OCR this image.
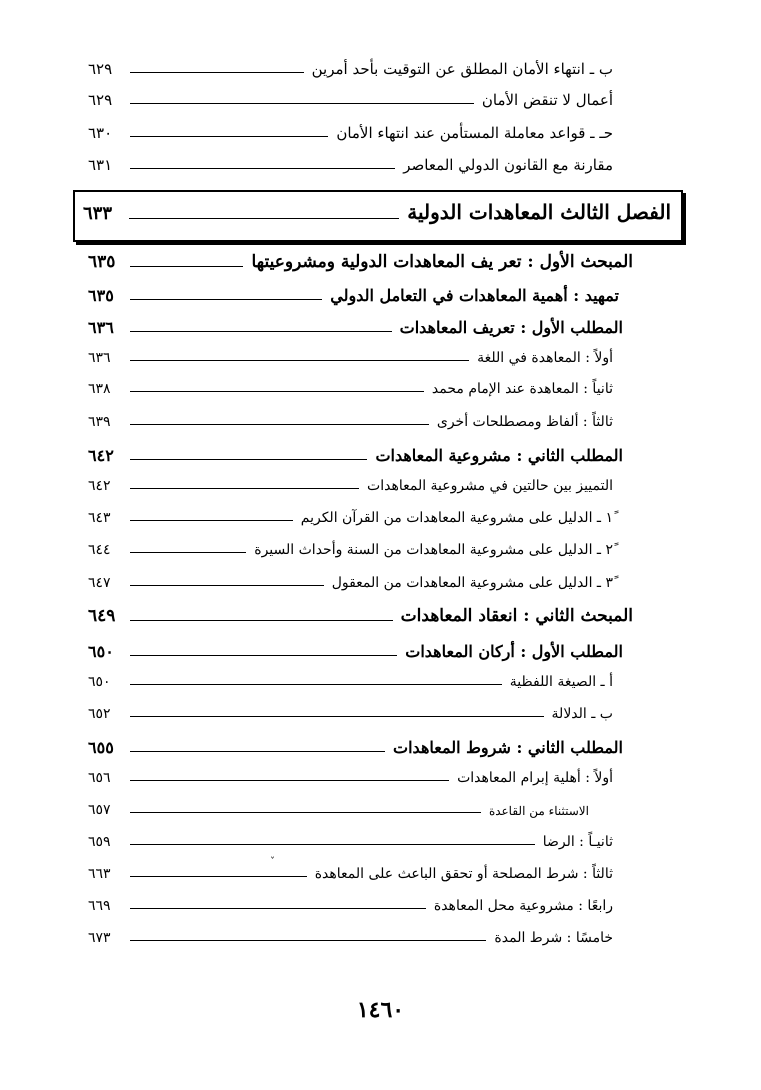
ب ـ انتهاء الأمان المطلق عن التوقيت بأحد أمرين
٦٢٩
أعمال لا تنقض الأمان
٦٢٩
حـ ـ قواعد معاملة المستأمن عند انتهاء الأمان
٦٣٠
مقارنة مع القانون الدولي المعاصر
٦٣١
الفصل الثالث المعاهدات الدولية
٦٣٣
المبحث الأول : تعر يف المعاهدات الدولية ومشروعيتها
٦٣٥
تمهيد : أهمية المعاهدات في التعامل الدولي
٦٣٥
المطلب الأول : تعريف المعاهدات
٦٣٦
أولاً : المعاهدة في اللغة
٦٣٦
ثانياً : المعاهدة عند الإمام محمد
٦٣٨
ثالثاً : ألفاظ ومصطلحات أخرى
٦٣٩
المطلب الثاني : مشروعية المعاهدات
٦٤٢
التمييز بين حالتين في مشروعية المعاهدات
٦٤٢
١ً ـ الدليل على مشروعية المعاهدات من القرآن الكريم
٦٤٣
٢ً ـ الدليل على مشروعية المعاهدات من السنة وأحداث السيرة
٦٤٤
٣ً ـ الدليل على مشروعية المعاهدات من المعقول
٦٤٧
المبحث الثاني : انعقاد المعاهدات
٦٤٩
المطلب الأول : أركان المعاهدات
٦٥٠
أ ـ الصيغة اللفظية
٦٥٠
ب ـ الدلالة
٦٥٢
المطلب الثاني : شروط المعاهدات
٦٥٥
أولاً : أهلية إبرام المعاهدات
٦٥٦
الاستثناء من القاعدة
٦٥٧
ثانيـاً : الرضا
٦٥٩
ثالثاً : شرط المصلحة أو تحقق الباعث على المعاهدة
٦٦٣
رابعًا : مشروعية محل المعاهدة
٦٦٩
خامسًا : شرط المدة
٦٧٣
ˇ
١٤٦٠
